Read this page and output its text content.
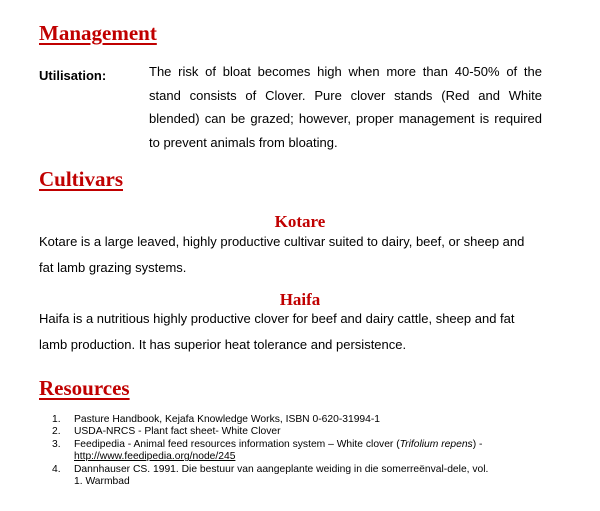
Management
Utilisation:	The risk of bloat becomes high when more than 40-50% of the stand consists of Clover. Pure clover stands (Red and White blended) can be grazed; however, proper management is required to prevent animals from bloating.
Cultivars
Kotare

Kotare is a large leaved, highly productive cultivar suited to dairy, beef, or sheep and fat lamb grazing systems.

Haifa

Haifa is a nutritious highly productive clover for beef and dairy cattle, sheep and fat lamb production. It has superior heat tolerance and persistence.

Resources
1.	Pasture Handbook, Kejafa Knowledge Works, ISBN 0-620-31994-1
2.	USDA-NRCS - Plant fact sheet- White Clover
3.	Feedipedia - Animal feed resources information system – White clover (Trifolium repens) - http://www.feedipedia.org/node/245
4.	Dannhauser CS. 1991. Die bestuur van aangeplante weiding in die somerreënval-dele, vol. 1. Warmbad
